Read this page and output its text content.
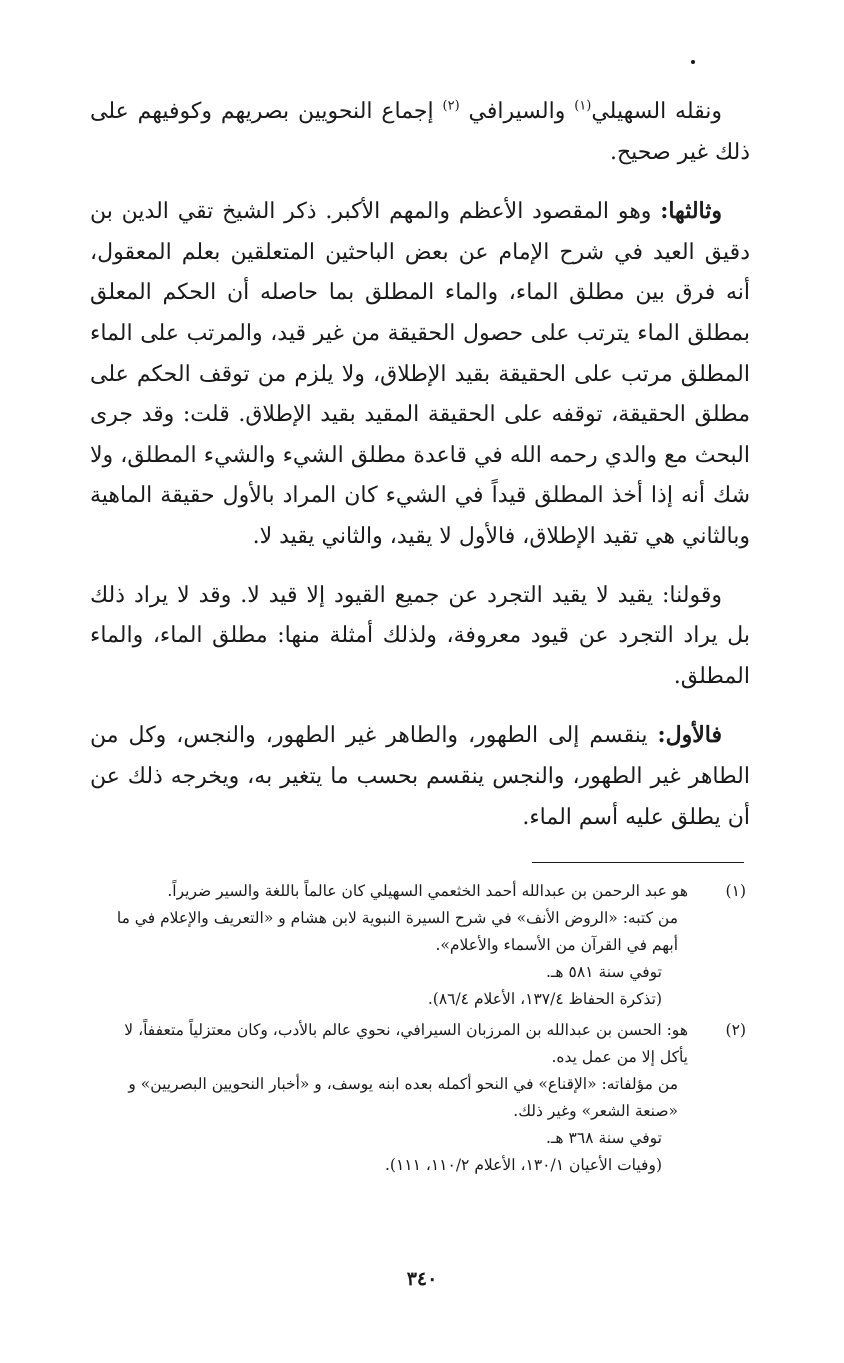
ونقله السهيلي$^{(١)}$ والسيرافي $^{(٢)}$ إجماع النحويين بصريهم وكوفيهم على ذلك غير صحيح.

وثالثها: وهو المقصود الأعظم والمهم الأكبر. ذكر الشيخ تقي الدين بن دقيق العيد في شرح الإمام عن بعض الباحثين المتعلقين بعلم المعقول، أنه فرق بين مطلق الماء، والماء المطلق بما حاصله أن الحكم المعلق بمطلق الماء يترتب على حصول الحقيقة من غير قيد، والمرتب على الماء المطلق مرتب على الحقيقة بقيد الإطلاق، ولا يلزم من توقف الحكم على مطلق الحقيقة، توقفه على الحقيقة المقيد بقيد الإطلاق. قلت: وقد جرى البحث مع والدي رحمه الله في قاعدة مطلق الشيء والشيء المطلق، ولا شك أنه إذا أخذ المطلق قيداً في الشيء كان المراد بالأول حقيقة الماهية وبالثاني هي تقيد الإطلاق، فالأول لا يقيد، والثاني يقيد لا.

وقولنا: يقيد لا يقيد التجرد عن جميع القيود إلا قيد لا. وقد لا يراد ذلك بل يراد التجرد عن قيود معروفة، ولذلك أمثلة منها: مطلق الماء، والماء المطلق.

فالأول: ينقسم إلى الطهور، والطاهر غير الطهور، والنجس، وكل من الطاهر غير الطهور، والنجس ينقسم بحسب ما يتغير به، ويخرجه ذلك عن أن يطلق عليه أسم الماء.

(١)
هو عبد الرحمن بن عبدالله أحمد الخثعمي السهيلي كان عالماً باللغة والسير ضريراً.
من كتبه: «الروض الأنف» في شرح السيرة النبوية لابن هشام و «التعريف والإعلام في ما أبهم في القرآن من الأسماء والأعلام».
توفي سنة ٥٨١ هـ.
(تذكرة الحفاظ ١٣٧/٤، الأعلام ٨٦/٤).
(٢)
هو: الحسن بن عبدالله بن المرزبان السيرافي، نحوي عالم بالأدب، وكان معتزلياً متعففاً، لا يأكل إلا من عمل يده.
من مؤلفاته: «الإقناع» في النحو أكمله بعده ابنه يوسف، و «أخبار النحويين البصريين» و «صنعة الشعر» وغير ذلك.
توفي سنة ٣٦٨ هـ.
(وفيات الأعيان ١٣٠/١، الأعلام ١١٠/٢، ١١١).
٣٤٠
